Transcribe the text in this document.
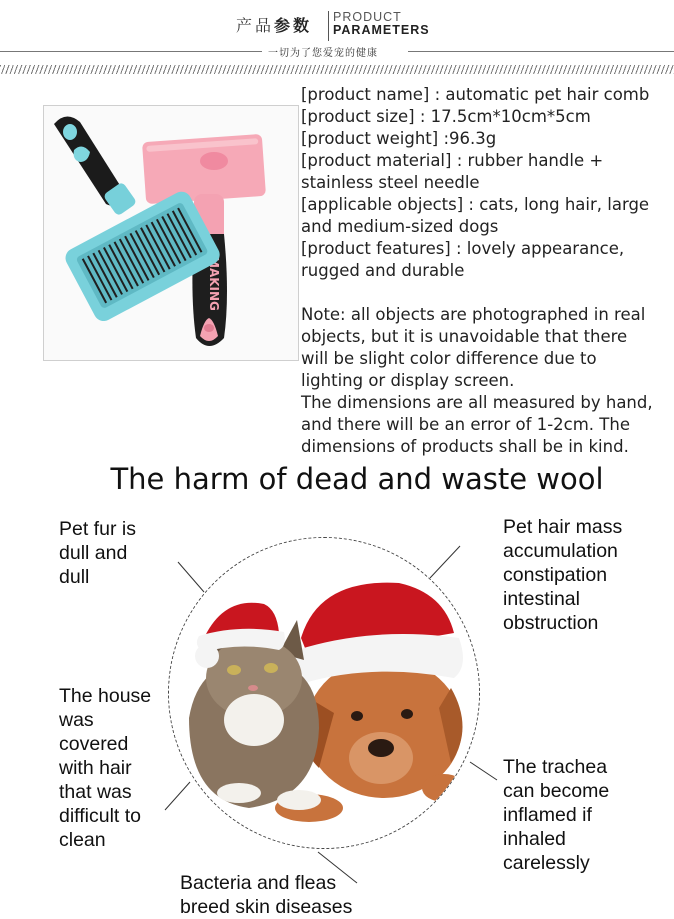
产品参数 PRODUCT
PARAMETERS
一切为了您爱宠的健康
MAKING
[product name] : automatic pet hair comb
[product size] : 17.5cm*10cm*5cm
[product weight] :96.3g
[product material] : rubber handle +
stainless steel needle
[applicable objects] : cats, long hair, large
and medium-sized dogs
[product features] : lovely appearance,
rugged and durable
Note: all objects are photographed in real
objects, but it is unavoidable that there
will be slight color difference due to
lighting or display screen.
The dimensions are all measured by hand,
and there will be an error of 1-2cm. The
dimensions of products shall be in kind.
The harm of dead and waste wool
Pet fur is
dull and
dull
Pet hair mass
accumulation
constipation
intestinal
obstruction
The house
was
covered
with hair
that was
difficult to
clean
The trachea
can become
inflamed if
inhaled
carelessly
Bacteria and fleas
breed skin diseases
